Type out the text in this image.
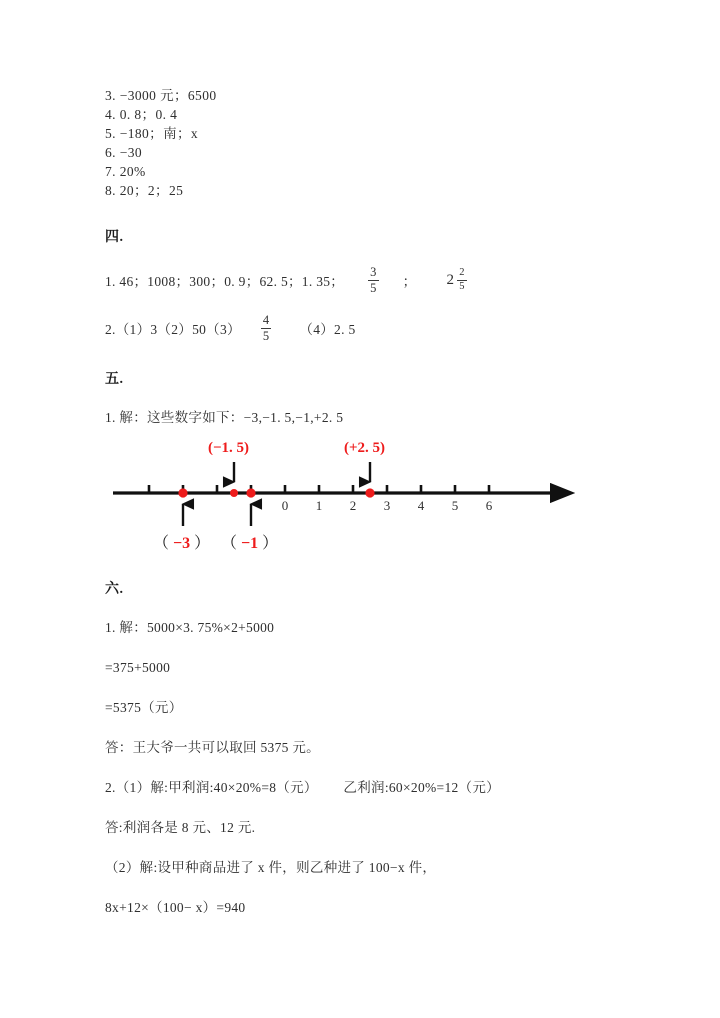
3. −3000 元；6500
4. 0. 8；0. 4
5. −180；南；x
6. −30
7. 20%
8. 20；2；25
四.
1. 46；1008；300；0. 9；62. 5；1. 35； $\frac{3}{5}$ ； $2 \frac{2}{5}$
$2.(1)3(2)50(3) \frac{4}{5} (4)2$. 5
五.
1. 解：这些数字如下：−3,−1. 5,−1,+2. 5
(−1. 5)	(+2. 5)
0 1 2 3 4 5 6
（ −3 ） （ −1 ）
六.
1. 解：5000×3. 75%×2+5000
=375+5000
=5375（元）
答：王大爷一共可以取回 5375 元。
2.（1）解:甲利润:40×20%=8（元）       乙利润:60×20%=12（元）
答:利润各是 8 元、12 元.
（2）解:设甲种商品进了 x 件，则乙种进了 100−x 件，
8x+12×（100− x）=940
